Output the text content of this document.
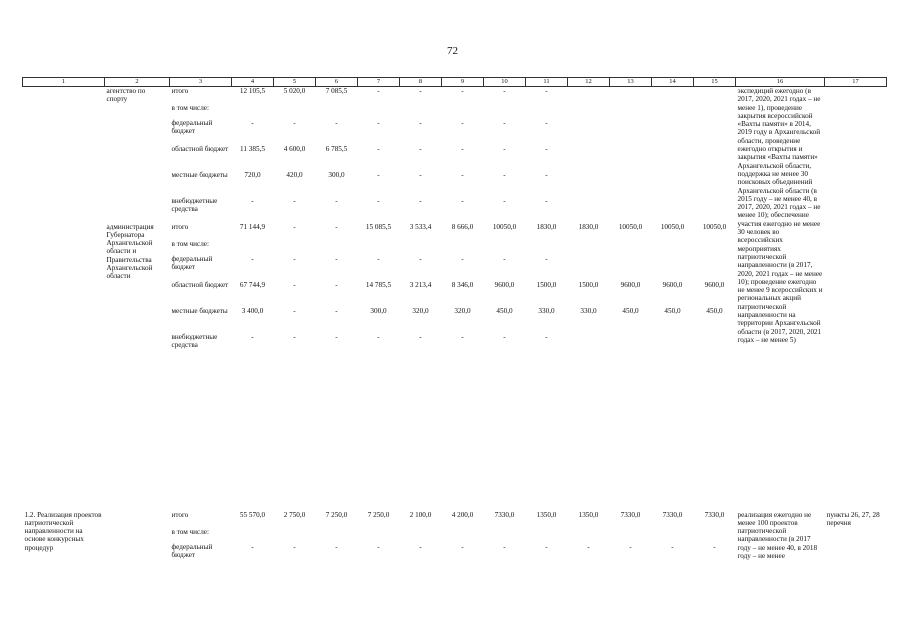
72
1	2	3	4	5	6	7	8	9	10	11	12	13	14	15	16	17
	агентство по спорту	итого	12 105,5	5 020,0	7 085,5	-	-	-	-	-					экспедиций ежегодно (в 2017, 2020, 2021 годах – не менее 1), проведение закрытия всероссийской «Вахты памяти» в 2014, 2019 году в Архангельской области, проведение ежегодно открытия и закрытия «Вахты памяти» Архангельской области, поддержка не менее 30 поисковых объединений Архангельской области (в 2015 году – не менее 40, в 2017, 2020, 2021 годах – не менее 10); обеспечение участия ежегодно не менее 30 человек во всероссийских мероприятиях патриотической направленности (в 2017, 2020, 2021 годах – не менее 10); проведение ежегодно не менее 9 всероссийских и региональных акций патриотической направленности на территории Архангельской области (в 2017, 2020, 2021 годах – не менее 5)	
		в том числе:														
		федеральный бюджет	-	-	-	-	-	-	-	-						
		областной бюджет	11 385,5	4 600,0	6 785,5	-	-	-	-	-						
		местные бюджеты	720,0	420,0	300,0	-	-	-	-	-						
		внебюджетные средства	-	-	-	-	-	-	-	-						
	администрация Губернатора Архангельской области и Правительства Архангельской области	итого	71 144,9	-	-	15 085,5	3 533,4	8 666,0	10050,0	1830,0	1830,0	10050,0	10050,0	10050,0		
		в том числе:														
		федеральный бюджет	-	-	-	-	-	-	-	-						
		областной бюджет	67 744,9	-	-	14 785,5	3 213,4	8 346,0	9600,0	1500,0	1500,0	9600,0	9600,0	9600,0		
		местные бюджеты	3 400,0	-	-	300,0	320,0	320,0	450,0	330,0	330,0	450,0	450,0	450,0		
		внебюджетные средства	-	-	-	-	-	-	-	-						
1.2. Реализация проектов патриотической направленности на основе конкурсных процедур		итого	55 570,0	2 750,0	7 250,0	7 250,0	2 100,0	4 200,0	7330,0	1350,0	1350,0	7330,0	7330,0	7330,0	реализация ежегодно не менее 100 проектов патриотической направленности (в 2017 году – не менее 40, в 2018 году – не менее	пункты 26, 27, 28 перечня
		в том числе:														
		федеральный бюджет	-	-	-	-	-	-	-	-	-	-	-	-		
